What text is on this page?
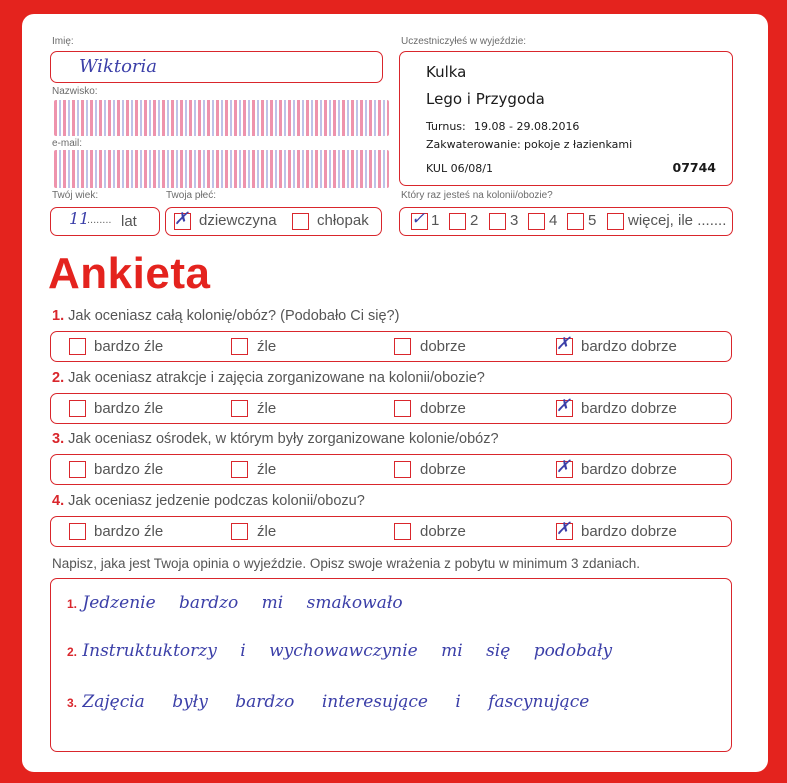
Imię:
Wiktoria
Nazwisko:
e-mail:
Twój wiek:
11
........ lat
Twoja płeć:
✗ dziewczyna	chłopak
Uczestniczyłeś w wyjeździe:
Kulka
Lego i Przygoda
Turnus: 19.08 - 29.08.2016
Zakwaterowanie: pokoje z łazienkami
KUL 06/08/1	07744
Który raz jesteś na kolonii/obozie?
✓ 1 2 3 4 5 więcej, ile .......
Ankieta
1. Jak oceniasz całą kolonię/obóz? (Podobało Ci się?)
bardzo źle	źle	dobrze	✗ bardzo dobrze
2. Jak oceniasz atrakcje i zajęcia zorganizowane na kolonii/obozie?
bardzo źle	źle	dobrze	✗ bardzo dobrze
3. Jak oceniasz ośrodek, w którym były zorganizowane kolonie/obóz?
bardzo źle	źle	dobrze	✗ bardzo dobrze
4. Jak oceniasz jedzenie podczas kolonii/obozu?
bardzo źle	źle	dobrze	✗ bardzo dobrze
Napisz, jaka jest Twoja opinia o wyjeździe. Opisz swoje wrażenia z pobytu w minimum 3 zdaniach.
1. Jedzenie bardzo mi smakowało
2. Instruktuktorzy i wychowawczynie mi się podobały
3. Zajęcia były bardzo interesujące i fascynujące
